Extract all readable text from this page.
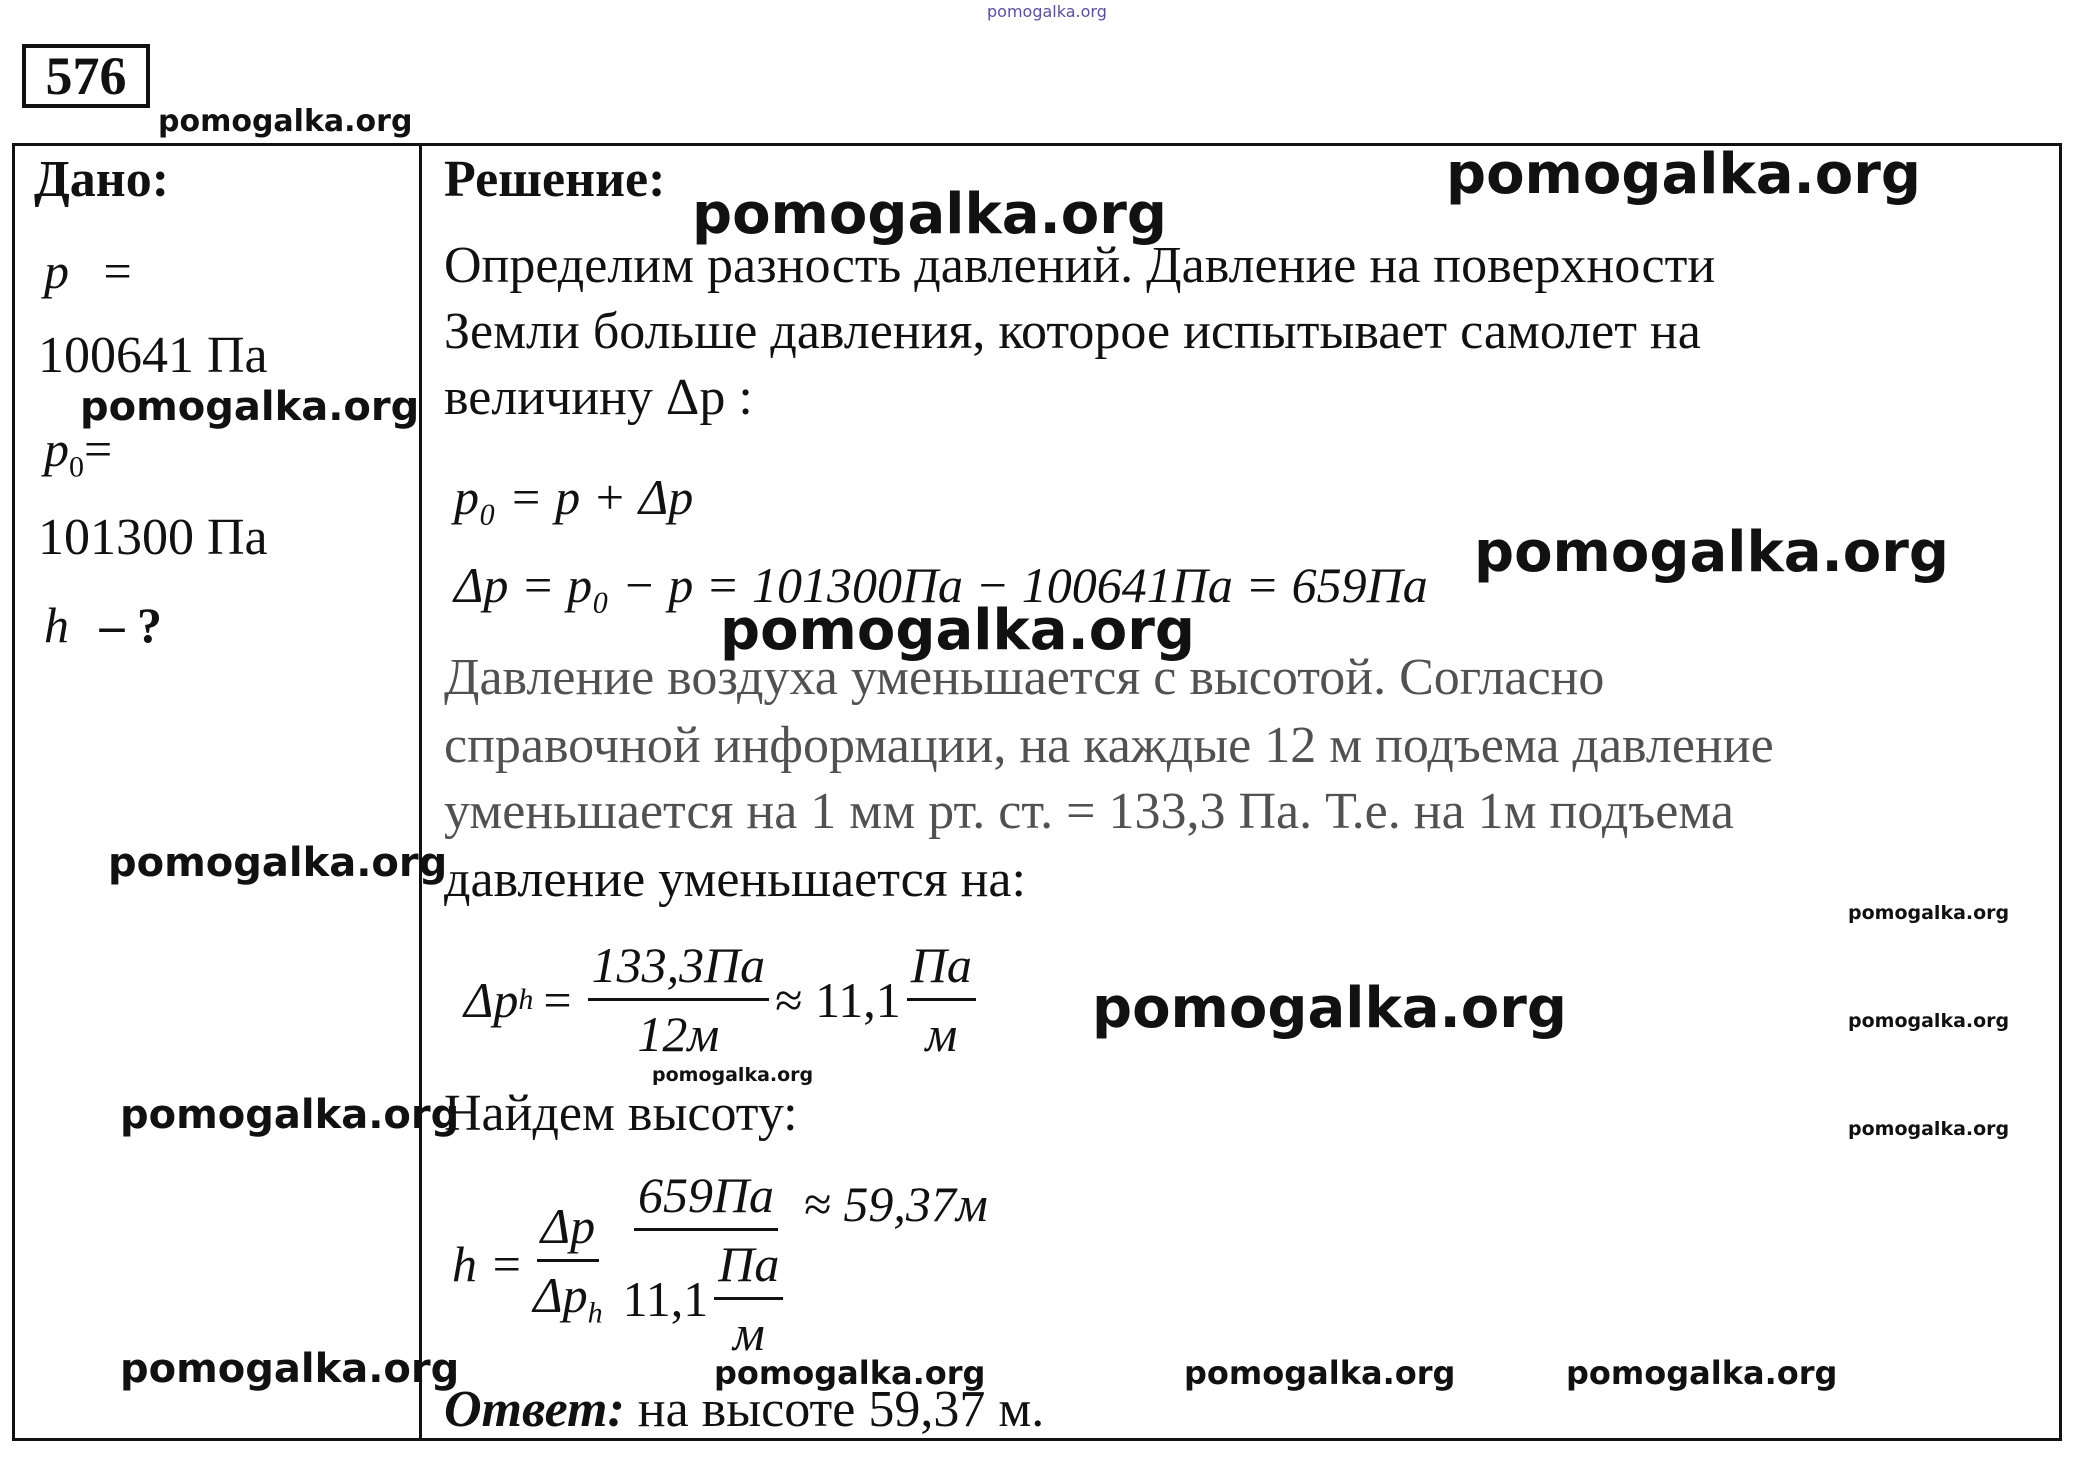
pomogalka.org
576
pomogalka.org
Дано:
p =
100641 Па
pomogalka.org
$p_0=$
101300 Па
h – ?
pomogalka.org
pomogalka.org
pomogalka.org
Решение:	pomogalka.org
pomogalka.org
Определим разность давлений. Давление на поверхности
Земли больше давления, которое испытывает самолет на
величину Δp :
p₀ = p + Δp
pomogalka.org
Δp = p₀ − p = 101300Па − 100641Па = 659Па
pomogalka.org
Давление воздуха уменьшается с высотой. Согласно
справочной информации, на каждые 12 м подъема давление
уменьшается на 1 мм рт. ст. = 133,3 Па. Т.е. на 1м подъема
давление уменьшается на:
pomogalka.org
Δp $h = \frac{133,3Па}{12м} \approx 11,1 \frac{Па}{м}$ pomogalka.org	pomogalka.org
pomogalka.org
Найдем высоту:	pomogalka.org
$h = \frac{\Delta p}{\Delta p_h} \frac{659Па}{11,1 \frac{Па}{м}} \approx 59,37м$
pomogalka.org	pomogalka.org	pomogalka.org
Ответ: на высоте 59,37 м.
